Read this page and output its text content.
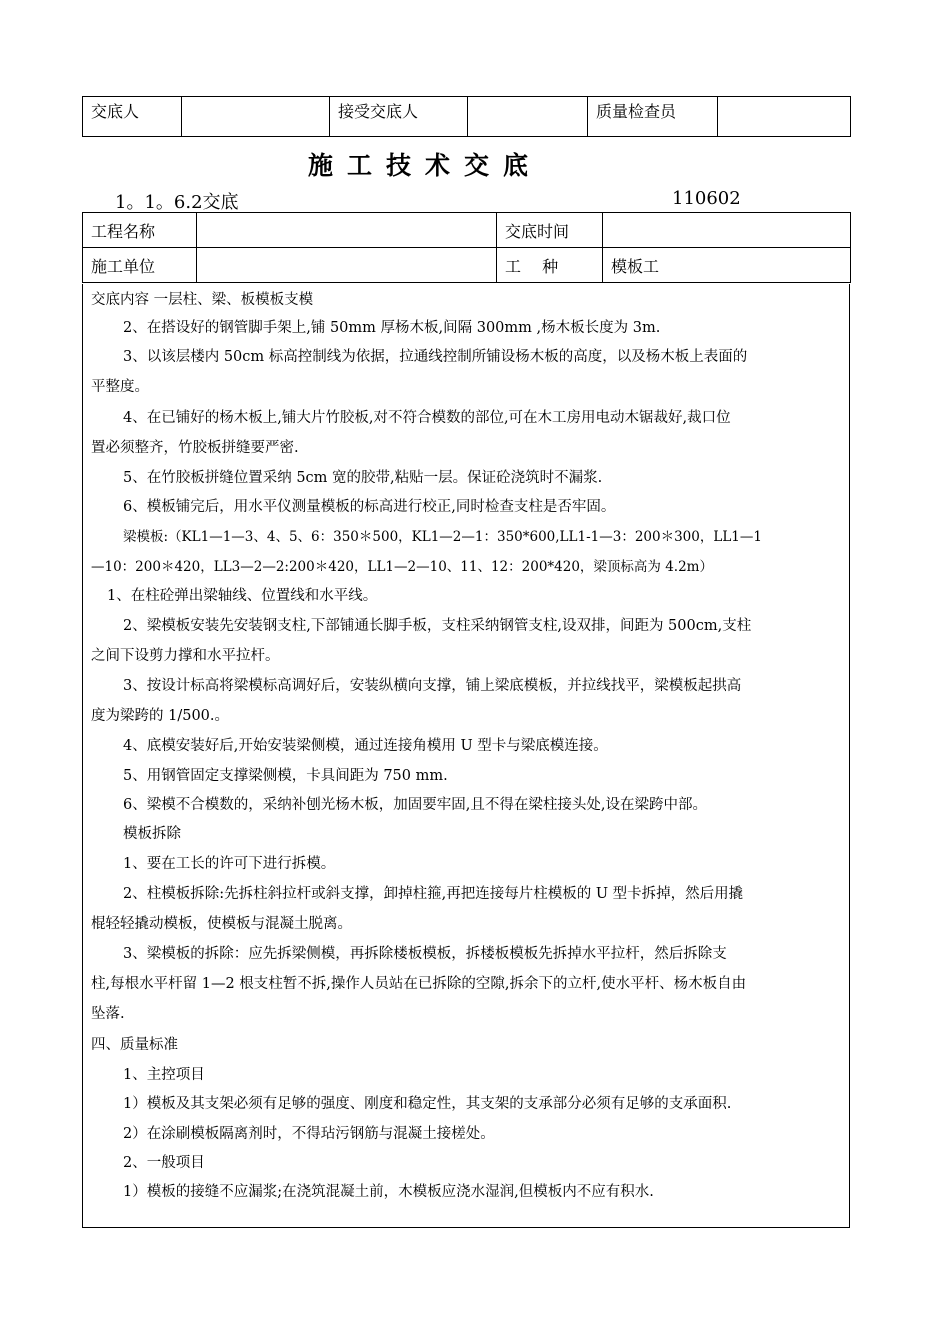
交底人		接受交底人		质量检查员	
施工技术交底
1。1。6.2交底	110602
工程名称		交底时间	
施工单位		工 种	模板工
交底内容 一层柱、梁、板模板支模
2、在搭设好的钢管脚手架上,铺 50mm 厚杨木板,间隔 300mm ,杨木板长度为 3m.
3、以该层楼内 50cm 标高控制线为依据，拉通线控制所铺设杨木板的高度，以及杨木板上表面的
平整度。
4、在已铺好的杨木板上,铺大片竹胶板,对不符合模数的部位,可在木工房用电动木锯裁好,裁口位
置必须整齐，竹胶板拼缝要严密.
5、在竹胶板拼缝位置采纳 5cm 宽的胶带,粘贴一层。保证砼浇筑时不漏浆.
6、模板铺完后，用水平仪测量模板的标高进行校正,同时检查支柱是否牢固。
梁模板:（KL1—1—3、4、5、6：350＊500，KL1—2—1：350*600,LL1-1—3：200＊300，LL1—1
—10：200＊420，LL3—2—2:200＊420，LL1—2—10、11、12：200*420，梁顶标高为 4.2m）
1、在柱砼弹出梁轴线、位置线和水平线。
2、梁模板安装先安装钢支柱,下部铺通长脚手板，支柱采纳钢管支柱,设双排，间距为 500cm,支柱
之间下设剪力撑和水平拉杆。
3、按设计标高将梁模标高调好后，安装纵横向支撑，铺上梁底模板，并拉线找平，梁模板起拱高
度为梁跨的 1/500.。
4、底模安装好后,开始安装梁侧模，通过连接角模用 U 型卡与梁底模连接。
5、用钢管固定支撑梁侧模，卡具间距为 750 mm.
6、梁模不合模数的，采纳补刨光杨木板，加固要牢固,且不得在梁柱接头处,设在梁跨中部。
模板拆除
1、要在工长的许可下进行拆模。
2、柱模板拆除:先拆柱斜拉杆或斜支撑，卸掉柱箍,再把连接每片柱模板的 U 型卡拆掉，然后用撬
棍轻轻撬动模板，使模板与混凝土脱离。
3、梁模板的拆除：应先拆梁侧模，再拆除楼板模板，拆楼板模板先拆掉水平拉杆，然后拆除支
柱,每根水平杆留 1—2 根支柱暂不拆,操作人员站在已拆除的空隙,拆余下的立杆,使水平杆、杨木板自由
坠落.
四、质量标准
1、主控项目
1）模板及其支架必须有足够的强度、刚度和稳定性，其支架的支承部分必须有足够的支承面积.
2）在涂刷模板隔离剂时，不得玷污钢筋与混凝土接槎处。
2、一般项目
1）模板的接缝不应漏浆;在浇筑混凝土前，木模板应浇水湿润,但模板内不应有积水.
